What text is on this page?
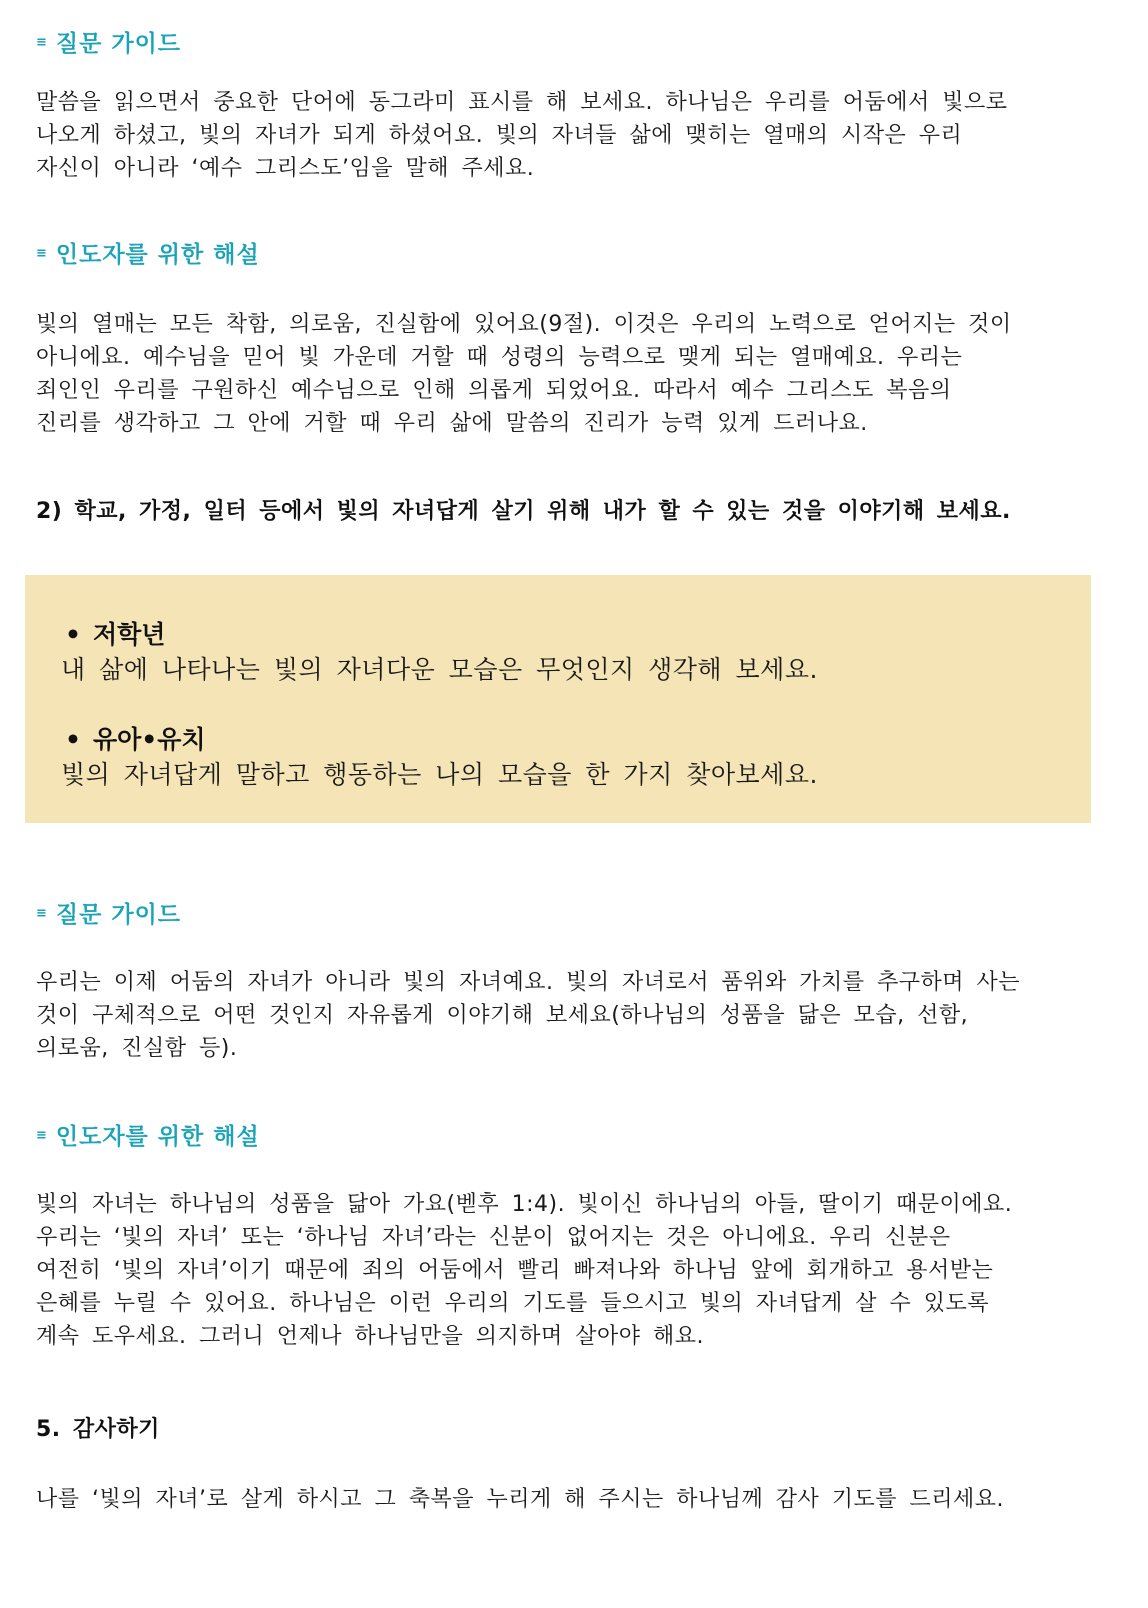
≡ 질문 가이드

말씀을 읽으면서 중요한 단어에 동그라미 표시를 해 보세요. 하나님은 우리를 어둠에서 빛으로
나오게 하셨고, 빛의 자녀가 되게 하셨어요. 빛의 자녀들 삶에 맺히는 열매의 시작은 우리
자신이 아니라 ‘예수 그리스도’임을 말해 주세요.

≡ 인도자를 위한 해설

빛의 열매는 모든 착함, 의로움, 진실함에 있어요(9절). 이것은 우리의 노력으로 얻어지는 것이
아니에요. 예수님을 믿어 빛 가운데 거할 때 성령의 능력으로 맺게 되는 열매예요. 우리는
죄인인 우리를 구원하신 예수님으로 인해 의롭게 되었어요. 따라서 예수 그리스도 복음의
진리를 생각하고 그 안에 거할 때 우리 삶에 말씀의 진리가 능력 있게 드러나요.

2) 학교, 가정, 일터 등에서 빛의 자녀답게 살기 위해 내가 할 수 있는 것을 이야기해 보세요.
• 저학년
내 삶에 나타나는 빛의 자녀다운 모습은 무엇인지 생각해 보세요.
• 유아•유치
빛의 자녀답게 말하고 행동하는 나의 모습을 한 가지 찾아보세요.
≡ 질문 가이드

우리는 이제 어둠의 자녀가 아니라 빛의 자녀예요. 빛의 자녀로서 품위와 가치를 추구하며 사는
것이 구체적으로 어떤 것인지 자유롭게 이야기해 보세요(하나님의 성품을 닮은 모습, 선함,
의로움, 진실함 등).

≡ 인도자를 위한 해설

빛의 자녀는 하나님의 성품을 닮아 가요(벧후 1:4). 빛이신 하나님의 아들, 딸이기 때문이에요.
우리는 ‘빛의 자녀’ 또는 ‘하나님 자녀’라는 신분이 없어지는 것은 아니에요. 우리 신분은
여전히 ‘빛의 자녀’이기 때문에 죄의 어둠에서 빨리 빠져나와 하나님 앞에 회개하고 용서받는
은혜를 누릴 수 있어요. 하나님은 이런 우리의 기도를 들으시고 빛의 자녀답게 살 수 있도록
계속 도우세요. 그러니 언제나 하나님만을 의지하며 살아야 해요.

5. 감사하기

나를 ‘빛의 자녀’로 살게 하시고 그 축복을 누리게 해 주시는 하나님께 감사 기도를 드리세요.
